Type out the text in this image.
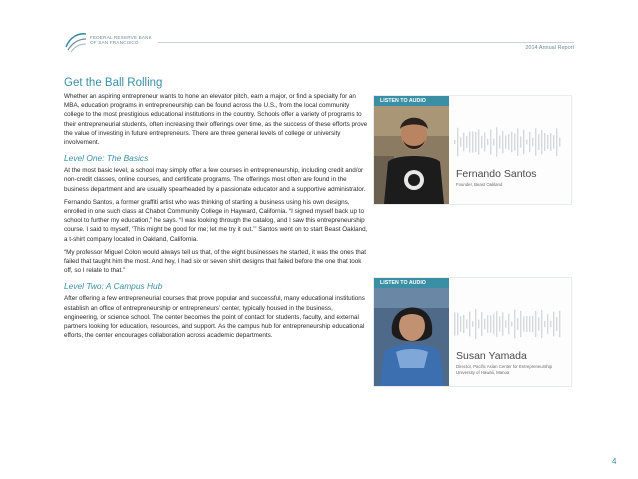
FEDERAL RESERVE BANK
OF SAN FRANCISCO
2014 Annual Report
Get the Ball Rolling

Whether an aspiring entrepreneur wants to hone an elevator pitch, earn a major, or find a specialty for an MBA, education programs in entrepreneurship can be found across the U.S., from the local community college to the most prestigious educational institutions in the country. Schools offer a variety of programs to their entrepreneurial students, often increasing their offerings over time, as the success of these efforts prove the value of investing in future entrepreneurs. There are three general levels of college or university involvement.

Level One: The Basics

At the most basic level, a school may simply offer a few courses in entrepreneurship, including credit and/or non-credit classes, online courses, and certificate programs. The offerings most often are found in the business department and are usually spearheaded by a passionate educator and a supportive administrator.

Fernando Santos, a former graffiti artist who was thinking of starting a business using his own designs, enrolled in one such class at Chabot Community College in Hayward, California. “I signed myself back up to school to further my education,” he says. “I was looking through the catalog, and I saw this entrepreneurship course. I said to myself, ‘This might be good for me; let me try it out.’” Santos went on to start Beast Oakland, a t-shirt company located in Oakland, California.

“My professor Miguel Colon would always tell us that, of the eight businesses he started, it was the ones that failed that taught him the most. And hey, I had six or seven shirt designs that failed before the one that took off, so I relate to that.”

Level Two: A Campus Hub

After offering a few entrepreneurial courses that prove popular and successful, many educational institutions establish an office of entrepreneurship or entrepreneurs’ center, typically housed in the business, engineering, or science school. The center becomes the point of contact for students, faculty, and external partners looking for education, resources, and support. As the campus hub for entrepreneurship educational efforts, the center encourages collaboration across academic departments.

LISTEN TO AUDIO
Fernando Santos
Founder, Beast Oakland
LISTEN TO AUDIO
Susan Yamada
Director, Pacific Asian Center for Entrepreneurship University of Hawaii, Manoa
4
